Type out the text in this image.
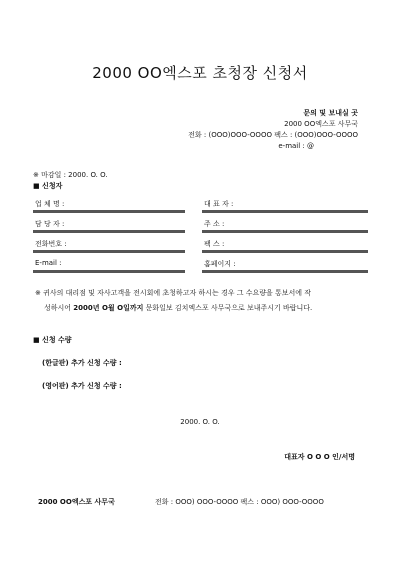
2000 OO엑스포 초청장 신청서
문의 및 보내실 곳
2000 OO엑스포 사무국
전화 : (OOO)OOO-OOOO 팩스 : (OOO)OOO-OOOO
e-mail : @
※ 마감일 : 2000. O. O.
■ 신청자
업 체 명 :	대 표 자 :
담 당 자 :	주 소 :
전화번호 :	팩 스 :
E-mail :	홈페이지 :
※ 귀사의 대리점 및 자사고객을 전시회에 초청하고자 하시는 경우 그 수요량을 통보서에 작
성하시어 2000년 O월 O일까지 문화일보 김치엑스포 사무국으로 보내주시기 바랍니다.
■ 신청 수량
(한글판) 추가 신청 수량 :
(영어판) 추가 신청 수량 :
2000. O. O.
대표자 O O O 인/서명
2000 OO엑스포 사무국	전화 : OOO) OOO-OOOO 팩스 : OOO) OOO-OOOO
